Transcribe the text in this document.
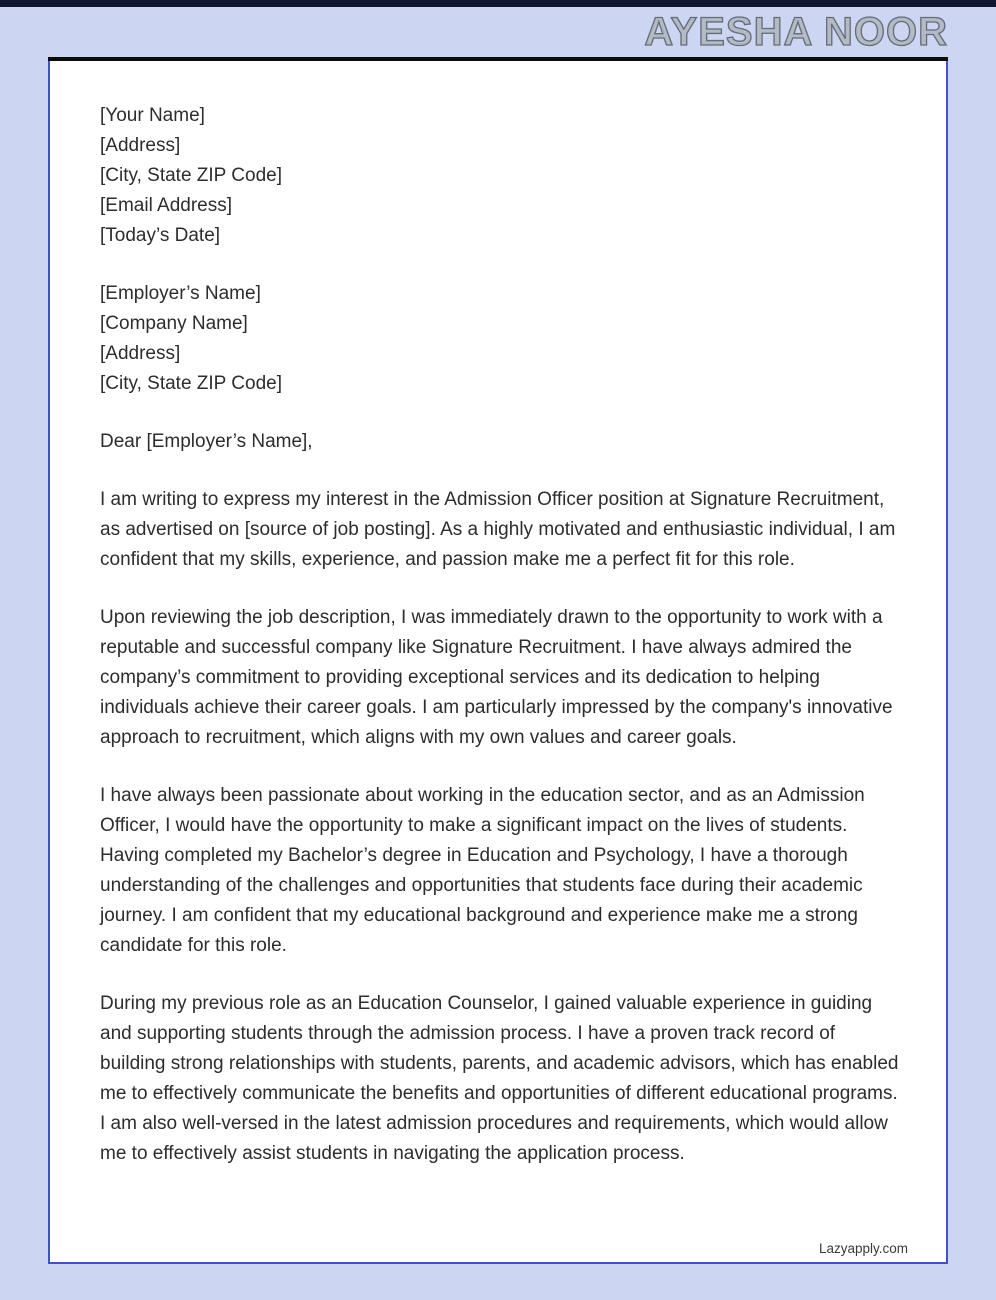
AYESHA NOOR
[Your Name]
[Address]
[City, State ZIP Code]
[Email Address]
[Today’s Date]
[Employer’s Name]
[Company Name]
[Address]
[City, State ZIP Code]
Dear [Employer’s Name],
I am writing to express my interest in the Admission Officer position at Signature Recruitment, as advertised on [source of job posting]. As a highly motivated and enthusiastic individual, I am confident that my skills, experience, and passion make me a perfect fit for this role.
Upon reviewing the job description, I was immediately drawn to the opportunity to work with a reputable and successful company like Signature Recruitment. I have always admired the company’s commitment to providing exceptional services and its dedication to helping individuals achieve their career goals. I am particularly impressed by the company's innovative approach to recruitment, which aligns with my own values and career goals.
I have always been passionate about working in the education sector, and as an Admission Officer, I would have the opportunity to make a significant impact on the lives of students. Having completed my Bachelor’s degree in Education and Psychology, I have a thorough understanding of the challenges and opportunities that students face during their academic journey. I am confident that my educational background and experience make me a strong candidate for this role.
During my previous role as an Education Counselor, I gained valuable experience in guiding and supporting students through the admission process. I have a proven track record of building strong relationships with students, parents, and academic advisors, which has enabled me to effectively communicate the benefits and opportunities of different educational programs. I am also well-versed in the latest admission procedures and requirements, which would allow me to effectively assist students in navigating the application process.
Lazyapply.com
